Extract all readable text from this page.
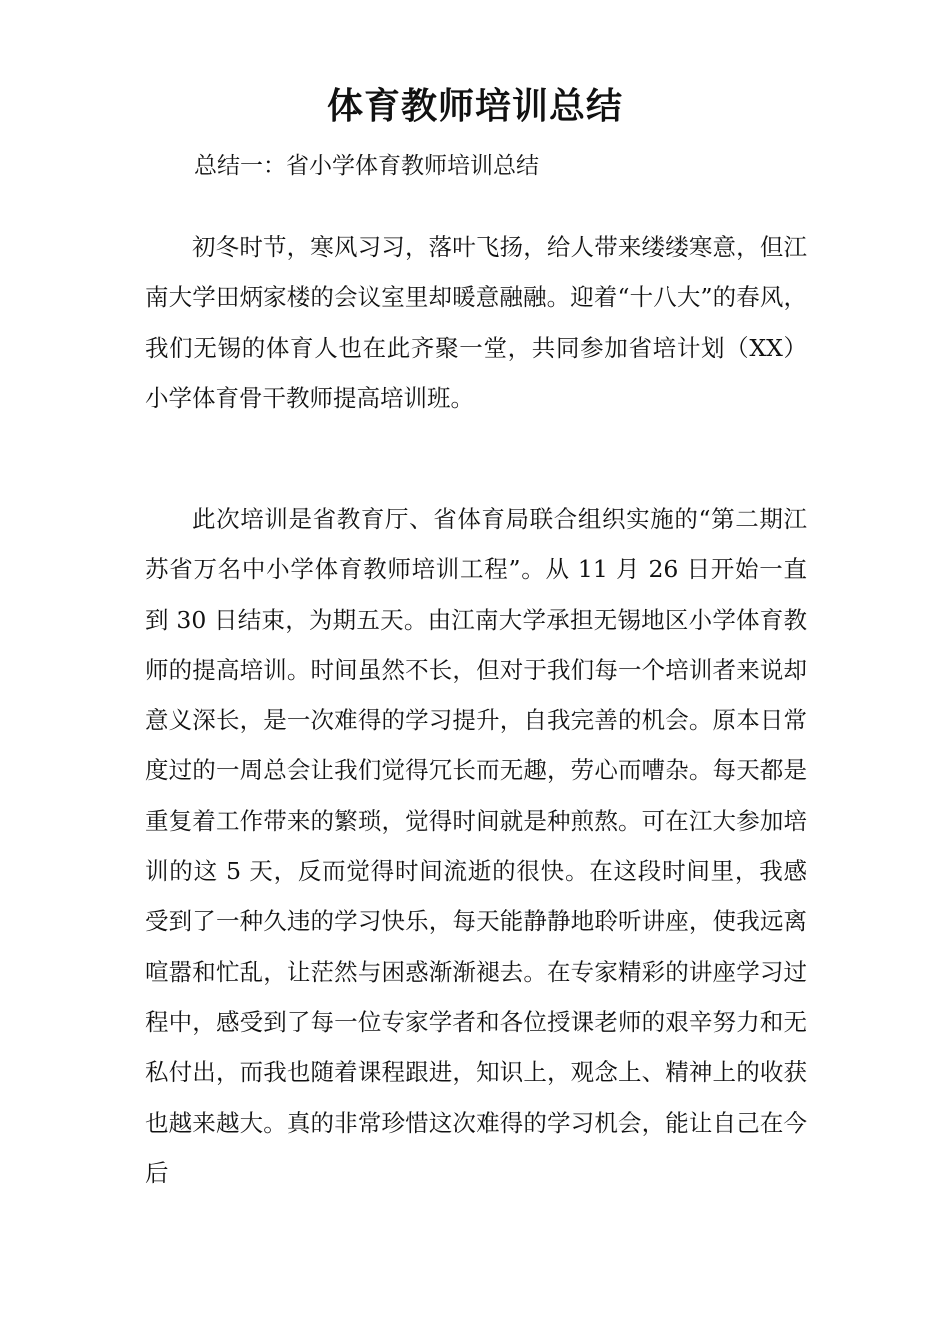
体育教师培训总结

总结一：省小学体育教师培训总结

初冬时节，寒风习习，落叶飞扬，给人带来缕缕寒意，但江南大学田炳家楼的会议室里却暖意融融。迎着“十八大”的春风，我们无锡的体育人也在此齐聚一堂，共同参加省培计划（XX）小学体育骨干教师提高培训班。

此次培训是省教育厅、省体育局联合组织实施的“第二期江苏省万名中小学体育教师培训工程”。从 11 月 26 日开始一直到 30 日结束，为期五天。由江南大学承担无锡地区小学体育教师的提高培训。时间虽然不长，但对于我们每一个培训者来说却意义深长，是一次难得的学习提升，自我完善的机会。原本日常度过的一周总会让我们觉得冗长而无趣，劳心而嘈杂。每天都是重复着工作带来的繁琐，觉得时间就是种煎熬。可在江大参加培训的这 5 天，反而觉得时间流逝的很快。在这段时间里，我感受到了一种久违的学习快乐，每天能静静地聆听讲座，使我远离喧嚣和忙乱，让茫然与困惑渐渐褪去。在专家精彩的讲座学习过程中，感受到了每一位专家学者和各位授课老师的艰辛努力和无私付出，而我也随着课程跟进，知识上，观念上、精神上的收获也越来越大。真的非常珍惜这次难得的学习机会，能让自己在今后
